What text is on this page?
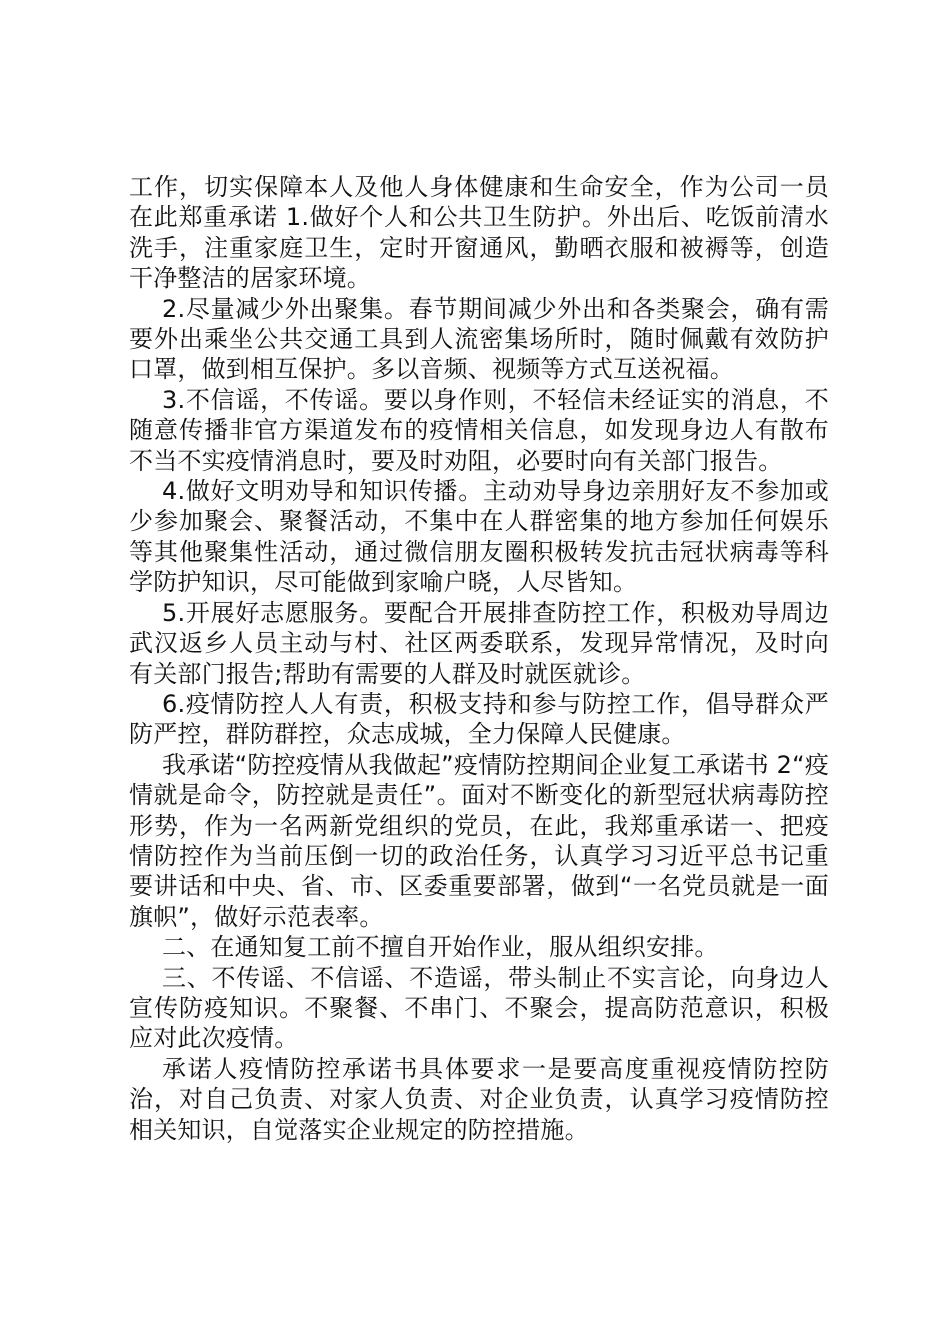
工作，切实保障本人及他人身体健康和生命安全，作为公司一员在此郑重承诺 1.做好个人和公共卫生防护。外出后、吃饭前清水洗手，注重家庭卫生，定时开窗通风，勤晒衣服和被褥等，创造干净整洁的居家环境。

2.尽量减少外出聚集。春节期间减少外出和各类聚会，确有需要外出乘坐公共交通工具到人流密集场所时，随时佩戴有效防护口罩，做到相互保护。多以音频、视频等方式互送祝福。

3.不信谣，不传谣。要以身作则，不轻信未经证实的消息，不随意传播非官方渠道发布的疫情相关信息，如发现身边人有散布不当不实疫情消息时，要及时劝阻，必要时向有关部门报告。

4.做好文明劝导和知识传播。主动劝导身边亲朋好友不参加或少参加聚会、聚餐活动，不集中在人群密集的地方参加任何娱乐等其他聚集性活动，通过微信朋友圈积极转发抗击冠状病毒等科学防护知识，尽可能做到家喻户晓，人尽皆知。

5.开展好志愿服务。要配合开展排查防控工作，积极劝导周边武汉返乡人员主动与村、社区两委联系，发现异常情况，及时向有关部门报告;帮助有需要的人群及时就医就诊。

6.疫情防控人人有责，积极支持和参与防控工作，倡导群众严防严控，群防群控，众志成城，全力保障人民健康。

我承诺“防控疫情从我做起”疫情防控期间企业复工承诺书 2“疫情就是命令，防控就是责任”。面对不断变化的新型冠状病毒防控形势，作为一名两新党组织的党员，在此，我郑重承诺一、把疫情防控作为当前压倒一切的政治任务，认真学习习近平总书记重要讲话和中央、省、市、区委重要部署，做到“一名党员就是一面旗帜”，做好示范表率。

二、在通知复工前不擅自开始作业，服从组织安排。

三、不传谣、不信谣、不造谣，带头制止不实言论，向身边人宣传防疫知识。不聚餐、不串门、不聚会，提高防范意识，积极应对此次疫情。

承诺人疫情防控承诺书具体要求一是要高度重视疫情防控防治，对自己负责、对家人负责、对企业负责，认真学习疫情防控相关知识，自觉落实企业规定的防控措施。
